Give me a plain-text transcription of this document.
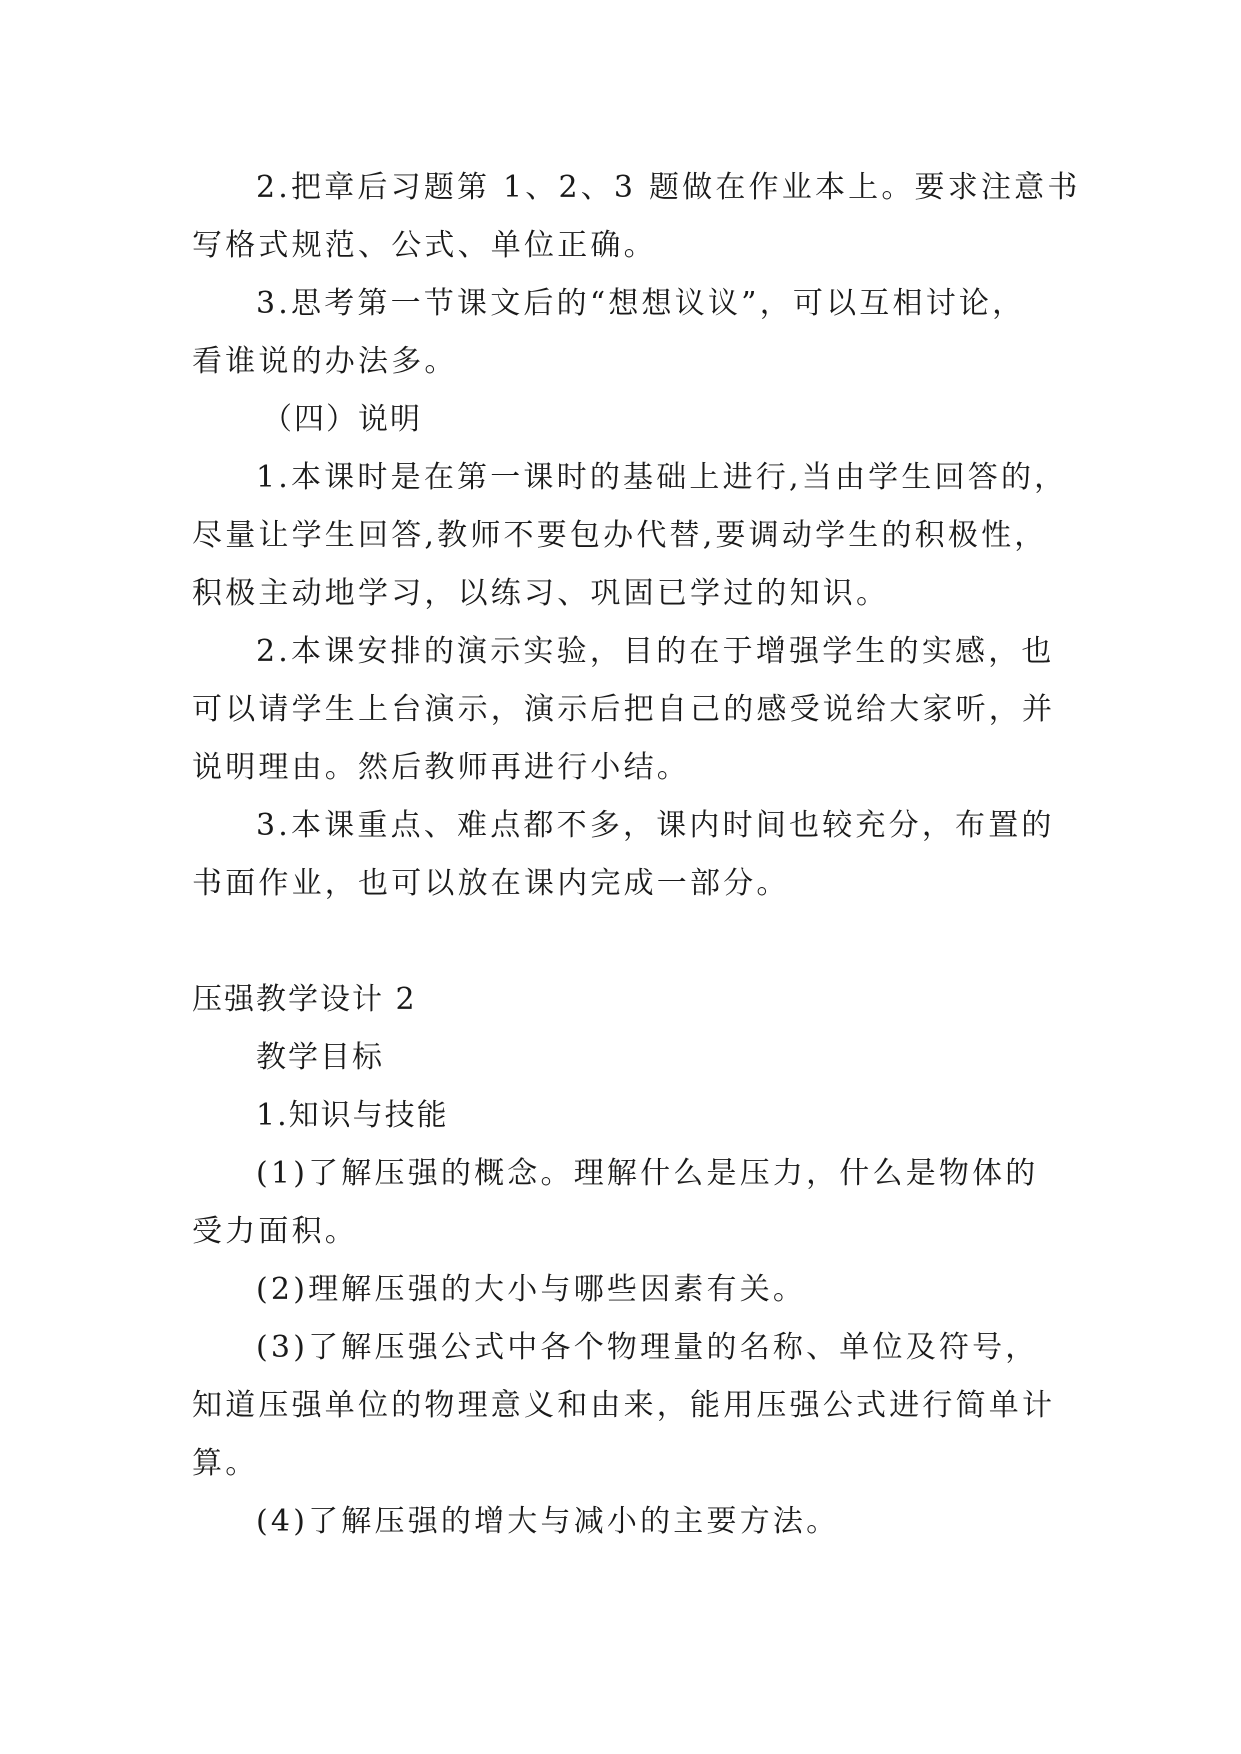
2.把章后习题第 1、2、3 题做在作业本上。要求注意书
写格式规范、公式、单位正确。
3.思考第一节课文后的“想想议议”，可以互相讨论，
看谁说的办法多。
（四）说明
1.本课时是在第一课时的基础上进行,当由学生回答的，
尽量让学生回答,教师不要包办代替,要调动学生的积极性，
积极主动地学习，以练习、巩固已学过的知识。
2.本课安排的演示实验，目的在于增强学生的实感，也
可以请学生上台演示，演示后把自己的感受说给大家听，并
说明理由。然后教师再进行小结。
3.本课重点、难点都不多，课内时间也较充分，布置的
书面作业，也可以放在课内完成一部分。
压强教学设计 2
教学目标
1.知识与技能
(1)了解压强的概念。理解什么是压力，什么是物体的
受力面积。
(2)理解压强的大小与哪些因素有关。
(3)了解压强公式中各个物理量的名称、单位及符号，
知道压强单位的物理意义和由来，能用压强公式进行简单计
算。
(4)了解压强的增大与减小的主要方法。
